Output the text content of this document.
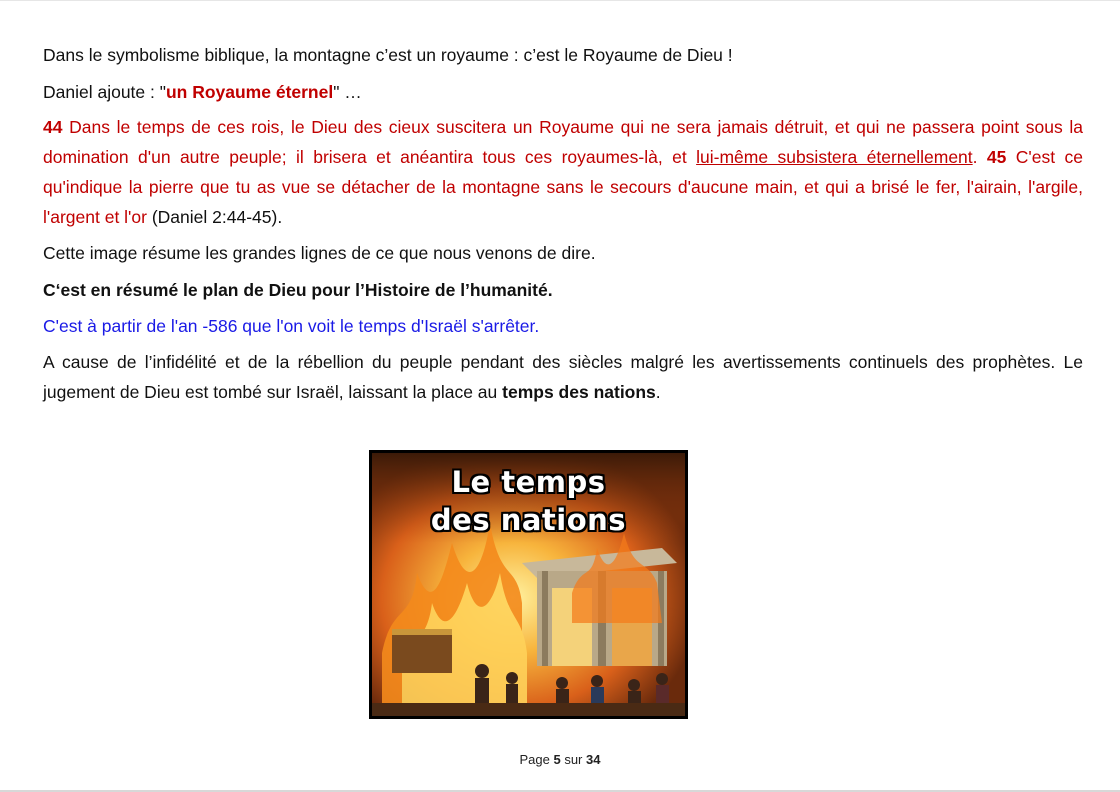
Dans le symbolisme biblique, la montagne c’est un royaume : c’est le Royaume de Dieu !

Daniel ajoute : "un Royaume éternel" …

44 Dans le temps de ces rois, le Dieu des cieux suscitera un Royaume qui ne sera jamais détruit, et qui ne passera point sous la domination d'un autre peuple; il brisera et anéantira tous ces royaumes-là, et lui-même subsistera éternellement. 45 C'est ce qu'indique la pierre que tu as vue se détacher de la montagne sans le secours d'aucune main, et qui a brisé le fer, l'airain, l'argile, l'argent et l'or (Daniel 2:44-45).

Cette image résume les grandes lignes de ce que nous venons de dire.

C‘est en résumé le plan de Dieu pour l’Histoire de l’humanité.

C'est à partir de l'an -586 que l'on voit le temps d'Israël s'arrêter.

A cause de l’infidélité et de la rébellion du peuple pendant des siècles malgré les avertissements continuels des prophètes. Le jugement de Dieu est tombé sur Israël, laissant la place au temps des nations.

Le temps
des nations
Page 5 sur 34
